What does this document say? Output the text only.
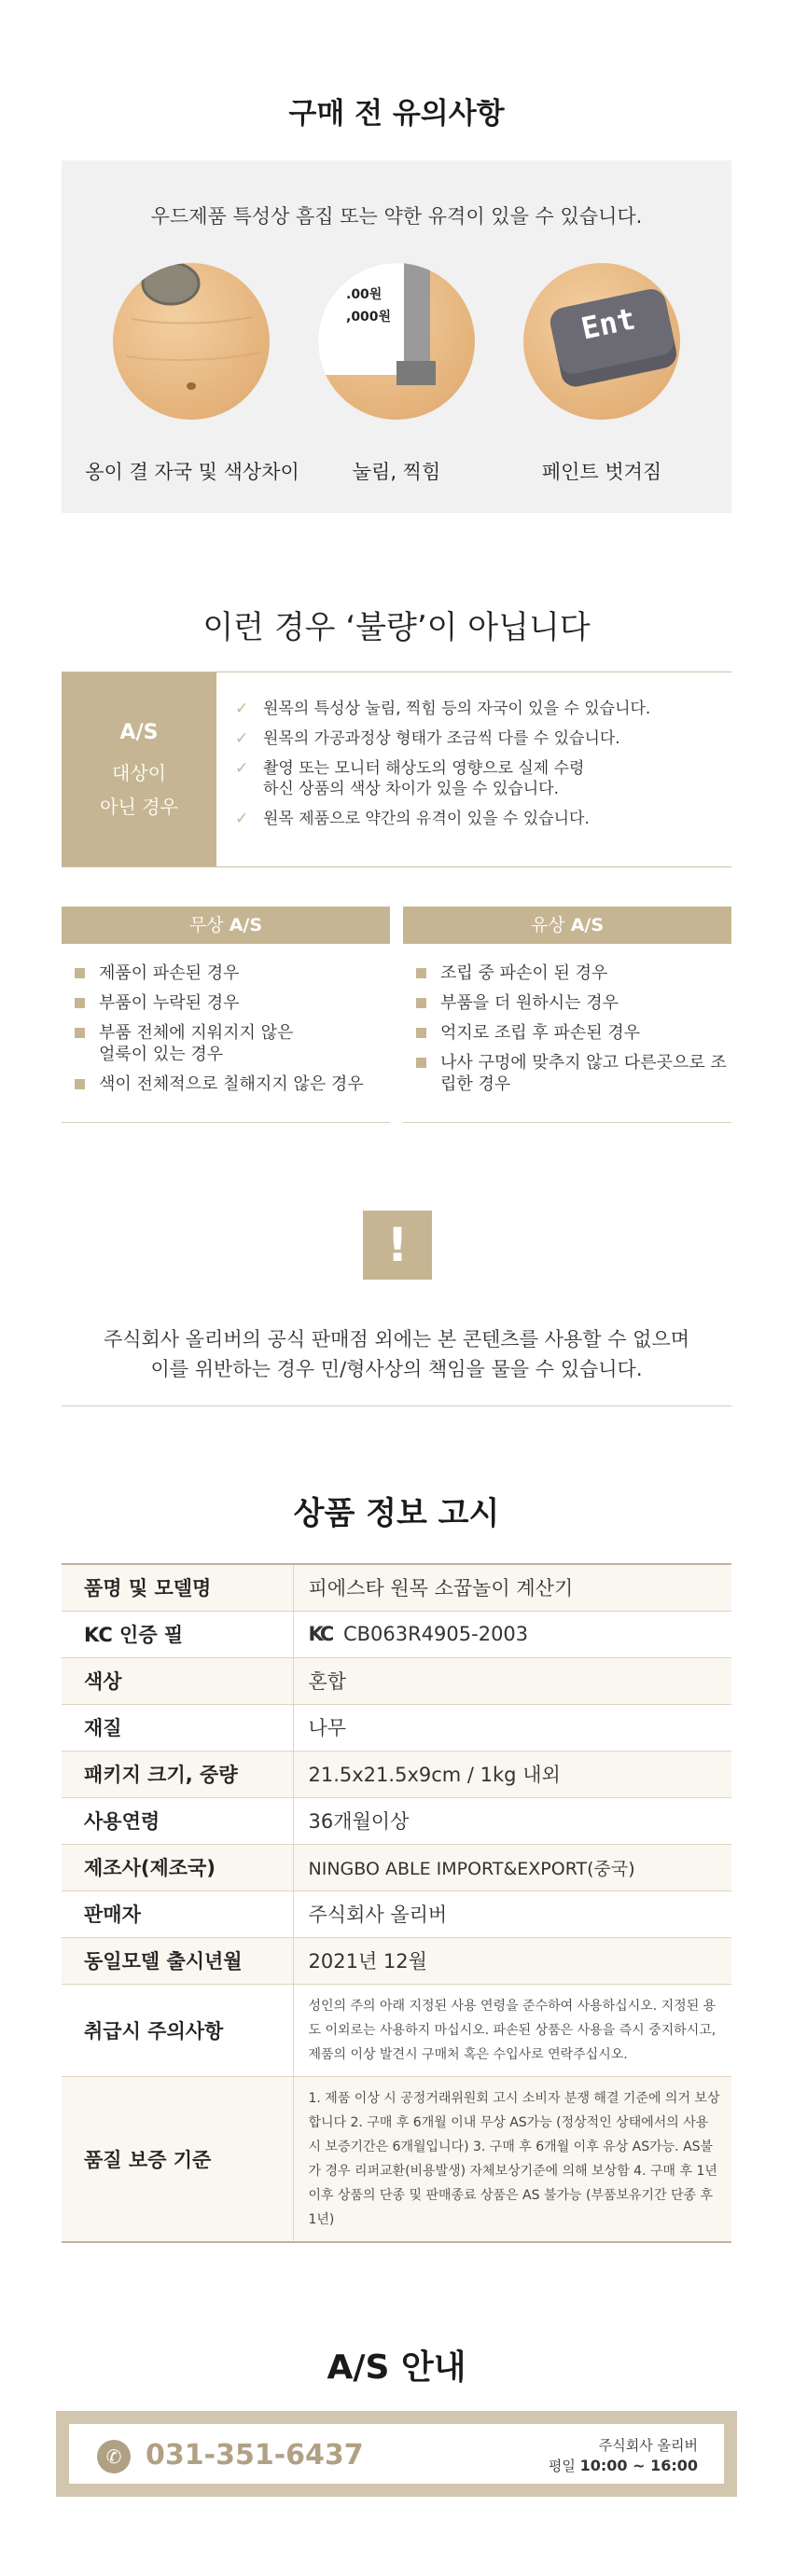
구매 전 유의사항
우드제품 특성상 흠집 또는 약한 유격이 있을 수 있습니다.
옹이 결 자국 및 색상차이
.00원
,000원
눌림, 찍힘
Ent
페인트 벗겨짐
이런 경우 ‘불량’이 아닙니다
A/S
대상이
아닌 경우
✓ 원목의 특성상 눌림, 찍힘 등의 자국이 있을 수 있습니다.
✓ 원목의 가공과정상 형태가 조금씩 다를 수 있습니다.
✓ 촬영 또는 모니터 해상도의 영향으로 실제 수령하신 상품의 색상 차이가 있을 수 있습니다.
✓ 원목 제품으로 약간의 유격이 있을 수 있습니다.
무상 A/S
제품이 파손된 경우
부품이 누락된 경우
부품 전체에 지워지지 않은 얼룩이 있는 경우
색이 전체적으로 칠해지지 않은 경우
유상 A/S
조립 중 파손이 된 경우
부품을 더 원하시는 경우
억지로 조립 후 파손된 경우
나사 구멍에 맞추지 않고 다른곳으로 조립한 경우
!
주식회사 올리버의 공식 판매점 외에는 본 콘텐츠를 사용할 수 없으며
이를 위반하는 경우 민/형사상의 책임을 물을 수 있습니다.
상품 정보 고시
품명 및 모델명	피에스타 원목 소꿉놀이 계산기
KC 인증 필	KC CB063R4905-2003
색상	혼합
재질	나무
패키지 크기, 중량	21.5x21.5x9cm / 1kg 내외
사용연령	36개월이상
제조사(제조국)	NINGBO ABLE IMPORT&EXPORT(중국)
판매자	주식회사 올리버
동일모델 출시년월	2021년 12월
취급시 주의사항	성인의 주의 아래 지정된 사용 연령을 준수하여 사용하십시오. 지정된 용도 이외로는 사용하지 마십시오. 파손된 상품은 사용을 즉시 중지하시고, 제품의 이상 발견시 구매처 혹은 수입사로 연락주십시오.
품질 보증 기준	1. 제품 이상 시 공정거래위원회 고시 소비자 분쟁 해결 기준에 의거 보상합니다 2. 구매 후 6개월 이내 무상 AS가능 (정상적인 상태에서의 사용 시 보증기간은 6개월입니다) 3. 구매 후 6개월 이후 유상 AS가능. AS불가 경우 리퍼교환(비용발생) 자체보상기준에 의해 보상함 4. 구매 후 1년 이후 상품의 단종 및 판매종료 상품은 AS 불가능 (부품보유기간 단종 후 1년)
A/S 안내
✆ 031-351-6437	주식회사 올리버
평일 10:00 ~ 16:00
